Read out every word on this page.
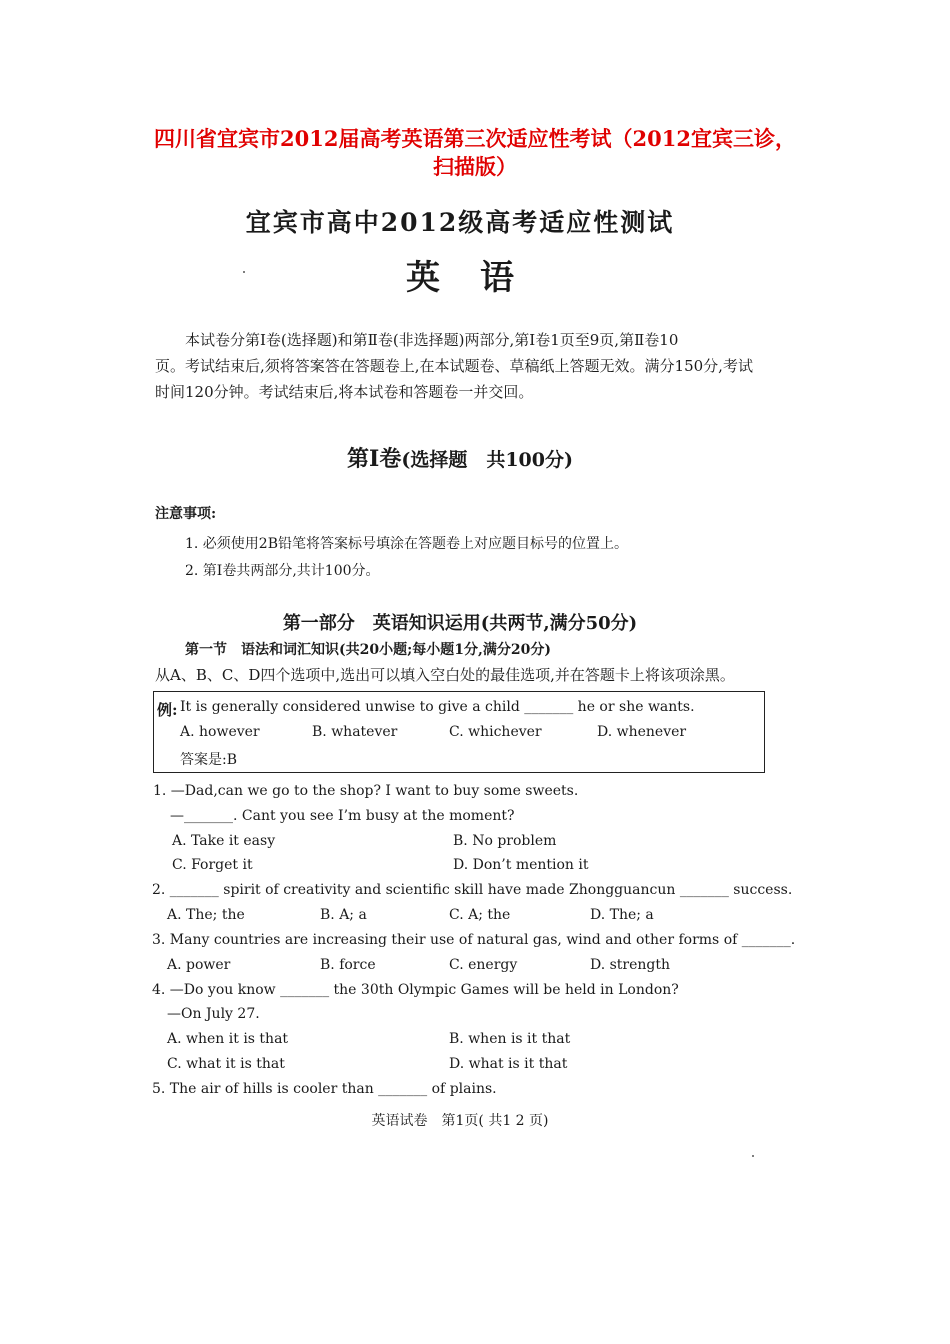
四川省宜宾市2012届高考英语第三次适应性考试（2012宜宾三诊，
扫描版）
宜宾市高中2012级高考适应性测试
英语
本试卷分第Ⅰ卷(选择题)和第Ⅱ卷(非选择题)两部分,第Ⅰ卷1页至9页,第Ⅱ卷10
页。考试结束后,须将答案答在答题卷上,在本试题卷、草稿纸上答题无效。满分150分,考试
时间120分钟。考试结束后,将本试卷和答题卷一并交回。
第Ⅰ卷(选择题　共100分)
注意事项:
1. 必须使用2B铅笔将答案标号填涂在答题卷上对应题目标号的位置上。
2. 第Ⅰ卷共两部分,共计100分。
第一部分　英语知识运用(共两节,满分50分)
第一节　语法和词汇知识(共20小题;每小题1分,满分20分)
从A、B、C、D四个选项中,选出可以填入空白处的最佳选项,并在答题卡上将该项涂黑。
例: It is generally considered unwise to give a child _______ he or she wants.
A. however	B. whatever	C. whichever	D. whenever
答案是:B
1. —Dad,can we go to the shop? I want to buy some sweets.
—_______. Cant you see I’m busy at the moment?
A. Take it easy	B. No problem
C. Forget it	D. Don’t mention it
2. _______ spirit of creativity and scientific skill have made Zhongguancun _______ success.
A. The; the	B. A; a	C. A; the	D. The; a
3. Many countries are increasing their use of natural gas, wind and other forms of _______.
A. power	B. force	C. energy	D. strength
4. —Do you know _______ the 30th Olympic Games will be held in London?
—On July 27.
A. when it is that	B. when is it that
C. what it is that	D. what is it that
5. The air of hills is cooler than _______ of plains.
英语试卷　第1页( 共1 2 页)
